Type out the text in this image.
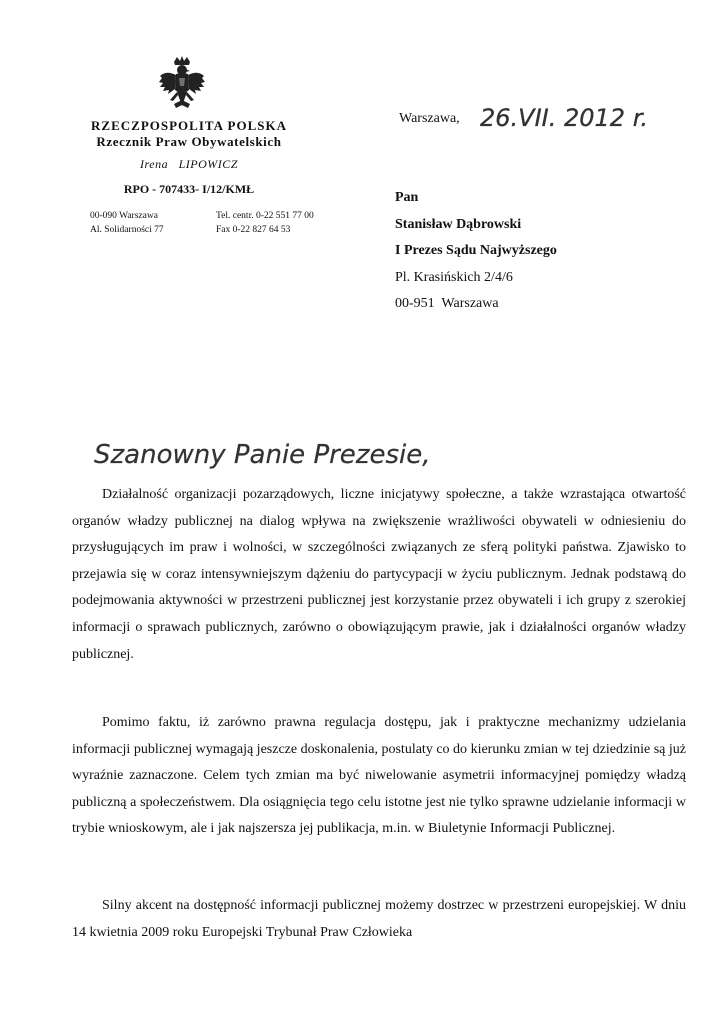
RZECZPOSPOLITA POLSKA
Rzecznik Praw Obywatelskich
Irena   LIPOWICZ
RPO - 707433- I/12/KMŁ
00-090 Warszawa	Tel. centr. 0-22 551 77 00
Al. Solidarności 77	Fax 0-22 827 64 53
Warszawa, 26.VII. 2012 r.
Pan
Stanisław Dąbrowski
I Prezes Sądu Najwyższego
Pl. Krasińskich 2/4/6
00-951  Warszawa
Szanowny Panie Prezesie,

Działalność organizacji pozarządowych, liczne inicjatywy społeczne, a także wzrastająca otwartość organów władzy publicznej na dialog wpływa na zwiększenie wrażliwości obywateli w odniesieniu do przysługujących im praw i wolności, w szczególności związanych ze sferą polityki państwa. Zjawisko to przejawia się w coraz intensywniejszym dążeniu do partycypacji w życiu publicznym. Jednak podstawą do podejmowania aktywności w przestrzeni publicznej jest korzystanie przez obywateli i ich grupy z szerokiej informacji o sprawach publicznych, zarówno o obowiązującym prawie, jak i działalności organów władzy publicznej.

Pomimo faktu, iż zarówno prawna regulacja dostępu, jak i praktyczne mechanizmy udzielania informacji publicznej wymagają jeszcze doskonalenia, postulaty co do kierunku zmian w tej dziedzinie są już wyraźnie zaznaczone. Celem tych zmian ma być niwelowanie asymetrii informacyjnej pomiędzy władzą publiczną a społeczeństwem. Dla osiągnięcia tego celu istotne jest nie tylko sprawne udzielanie informacji w trybie wnioskowym, ale i jak najszersza jej publikacja, m.in. w Biuletynie Informacji Publicznej.

Silny akcent na dostępność informacji publicznej możemy dostrzec w przestrzeni europejskiej. W dniu 14 kwietnia 2009 roku Europejski Trybunał Praw Człowieka
